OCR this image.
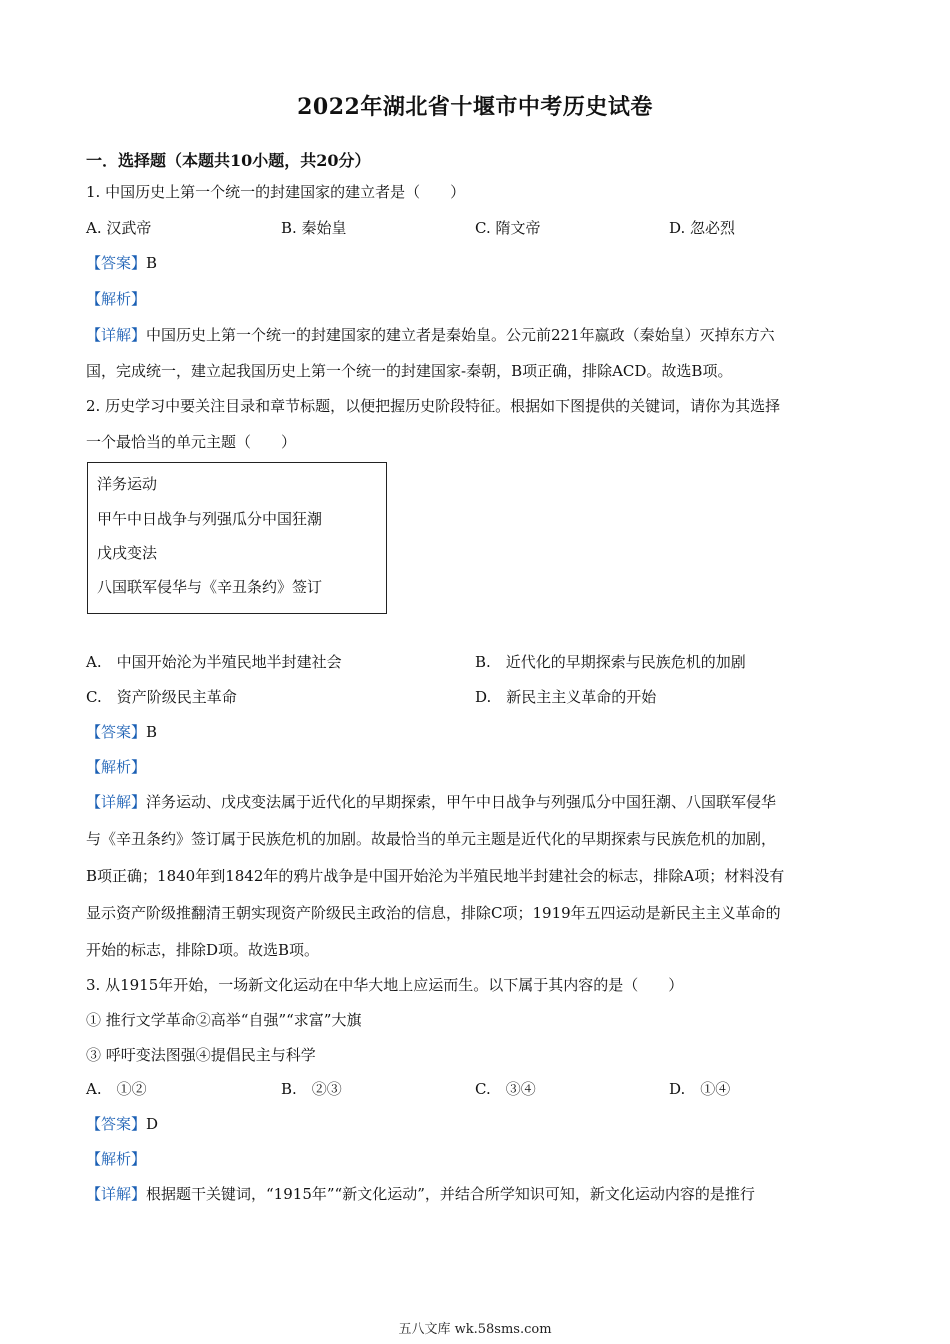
2022年湖北省十堰市中考历史试卷
一．选择题（本题共10小题，共20分）
1. 中国历史上第一个统一的封建国家的建立者是（　　）
A. 汉武帝	B. 秦始皇	C. 隋文帝	D. 忽必烈
【答案】B
【解析】
【详解】中国历史上第一个统一的封建国家的建立者是秦始皇。公元前221年嬴政（秦始皇）灭掉东方六
国，完成统一，建立起我国历史上第一个统一的封建国家-秦朝，B项正确，排除ACD。故选B项。
2. 历史学习中要关注目录和章节标题，以便把握历史阶段特征。根据如下图提供的关键词，请你为其选择
一个最恰当的单元主题（　　）
洋务运动
甲午中日战争与列强瓜分中国狂潮
戊戌变法
八国联军侵华与《辛丑条约》签订
A.　中国开始沦为半殖民地半封建社会	B.　近代化的早期探索与民族危机的加剧
C.　资产阶级民主革命	D.　新民主主义革命的开始
【答案】B
【解析】
【详解】洋务运动、戊戌变法属于近代化的早期探索，甲午中日战争与列强瓜分中国狂潮、八国联军侵华
与《辛丑条约》签订属于民族危机的加剧。故最恰当的单元主题是近代化的早期探索与民族危机的加剧，
B项正确；1840年到1842年的鸦片战争是中国开始沦为半殖民地半封建社会的标志，排除A项；材料没有
显示资产阶级推翻清王朝实现资产阶级民主政治的信息，排除C项；1919年五四运动是新民主主义革命的
开始的标志，排除D项。故选B项。
3. 从1915年开始，一场新文化运动在中华大地上应运而生。以下属于其内容的是（　　）
① 推行文学革命②高举“自强”“求富”大旗
③ 呼吁变法图强④提倡民主与科学
A.　①②	B.　②③	C.　③④	D.　①④
【答案】D
【解析】
【详解】根据题干关键词，“1915年”“新文化运动”，并结合所学知识可知，新文化运动内容的是推行
五八文库 wk.58sms.com
